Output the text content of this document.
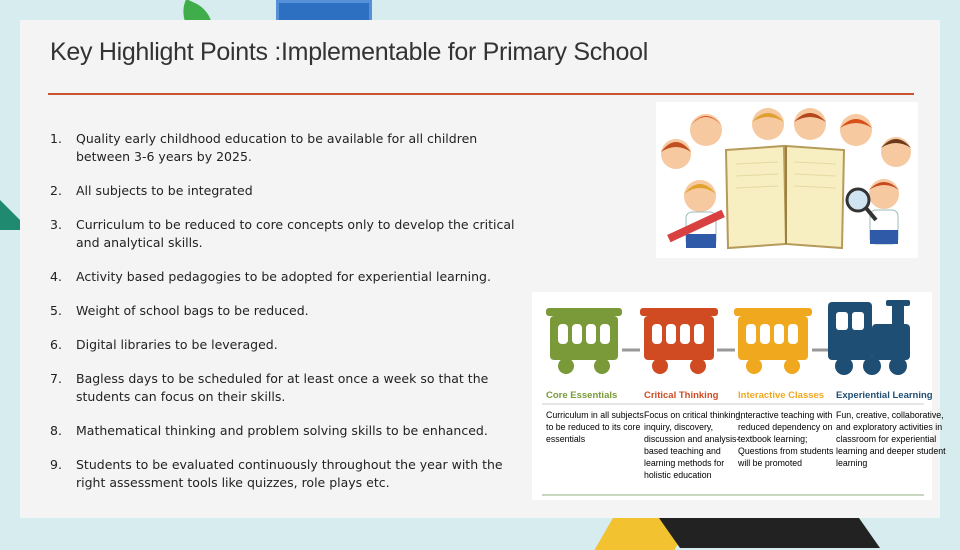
Key Highlight Points :Implementable for Primary School
1. Quality early childhood education to be available for all children between 3-6 years by 2025.
2. All subjects to be integrated
3. Curriculum to be reduced to core concepts only to develop the critical and analytical skills.
4. Activity based pedagogies to be adopted for experiential learning.
5. Weight of school bags to be reduced.
6. Digital libraries to be leveraged.
7. Bagless days to be scheduled for at least once a week so that the students can focus on their skills.
8. Mathematical thinking and problem solving skills to be enhanced.
9. Students to be evaluated continuously throughout the year with the right assessment tools like quizzes, role plays etc.
Core Essentials	Critical Thinking Interactive Classes Experiential Learning
Curriculum in all subjects
to be reduced to its core
essentials
Focus on critical thinking,
inquiry, discovery,
discussion and analysis-
based teaching and
learning methods for
holistic education
Interactive teaching with
reduced dependency on
textbook learning;
Questions from students
will be promoted
Fun, creative, collaborative,
and exploratory activities in
classroom for experiential
learning and deeper student
learning
